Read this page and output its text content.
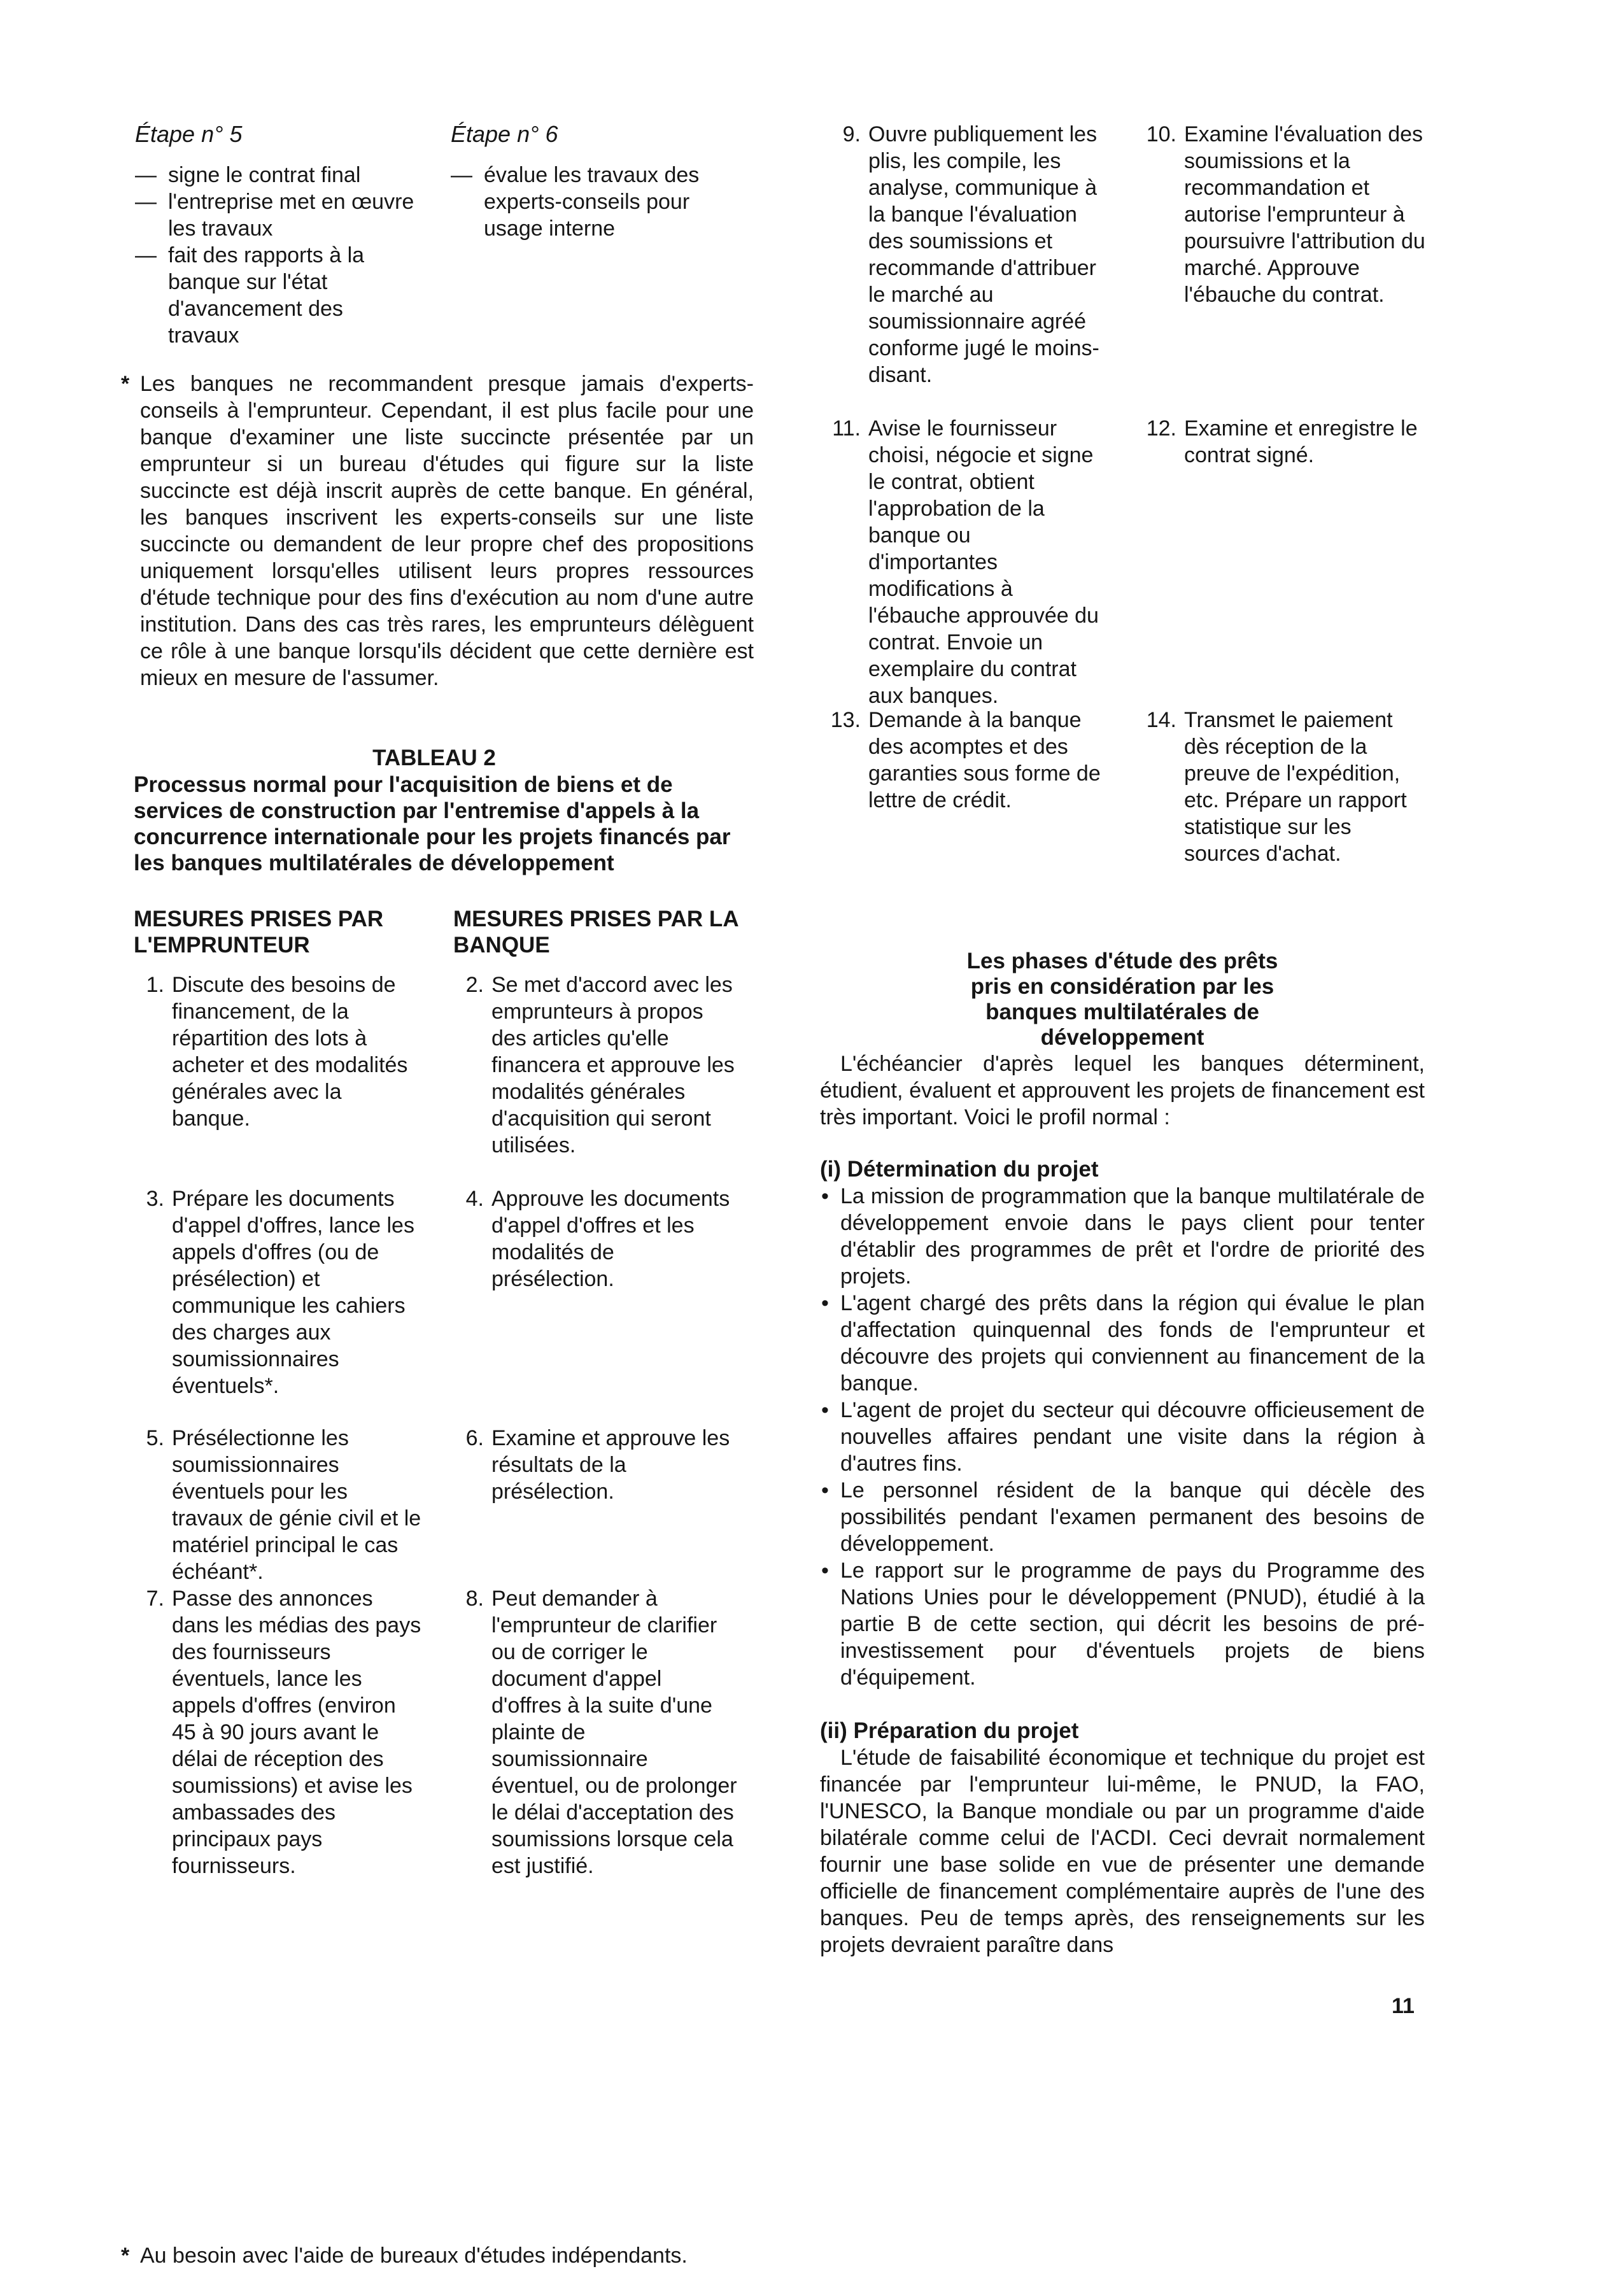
Étape n° 5
— signe le contrat final
— l'entreprise met en œuvre les travaux
— fait des rapports à la banque sur l'état d'avancement des travaux
Étape n° 6
— évalue les travaux des experts-conseils pour usage interne
* Les banques ne recommandent presque jamais d'experts-conseils à l'emprunteur. Cependant, il est plus facile pour une banque d'examiner une liste succincte présentée par un emprunteur si un bureau d'études qui figure sur la liste succincte est déjà inscrit auprès de cette banque. En général, les banques inscrivent les experts-conseils sur une liste succincte ou demandent de leur propre chef des propositions uniquement lorsqu'elles utilisent leurs propres ressources d'étude technique pour des fins d'exécution au nom d'une autre institution. Dans des cas très rares, les emprunteurs délèguent ce rôle à une banque lorsqu'ils décident que cette dernière est mieux en mesure de l'assumer.
TABLEAU 2
Processus normal pour l'acquisition de biens et de services de construction par l'entremise d'appels à la concurrence internationale pour les projets financés par les banques multilatérales de développement
MESURES PRISES PAR L'EMPRUNTEUR
MESURES PRISES PAR LA BANQUE
1. Discute des besoins de financement, de la répartition des lots à acheter et des modalités générales avec la banque.
2. Se met d'accord avec les emprunteurs à propos des articles qu'elle financera et approuve les modalités générales d'acquisition qui seront utilisées.
3. Prépare les documents d'appel d'offres, lance les appels d'offres (ou de présélection) et communique les cahiers des charges aux soumissionnaires éventuels*.
4. Approuve les documents d'appel d'offres et les modalités de présélection.
5. Présélectionne les soumissionnaires éventuels pour les travaux de génie civil et le matériel principal le cas échéant*.
6. Examine et approuve les résultats de la présélection.
7. Passe des annonces dans les médias des pays des fournisseurs éventuels, lance les appels d'offres (environ 45 à 90 jours avant le délai de réception des soumissions) et avise les ambassades des principaux pays fournisseurs.
8. Peut demander à l'emprunteur de clarifier ou de corriger le document d'appel d'offres à la suite d'une plainte de soumissionnaire éventuel, ou de prolonger le délai d'acceptation des soumissions lorsque cela est justifié.
* Au besoin avec l'aide de bureaux d'études indépendants.
9. Ouvre publiquement les plis, les compile, les analyse, communique à la banque l'évaluation des soumissions et recommande d'attribuer le marché au soumissionnaire agréé conforme jugé le moins-disant.
10. Examine l'évaluation des soumissions et la recommandation et autorise l'emprunteur à poursuivre l'attribution du marché. Approuve l'ébauche du contrat.
11. Avise le fournisseur choisi, négocie et signe le contrat, obtient l'approbation de la banque ou d'importantes modifications à l'ébauche approuvée du contrat. Envoie un exemplaire du contrat aux banques.
12. Examine et enregistre le contrat signé.
13. Demande à la banque des acomptes et des garanties sous forme de lettre de crédit.
14. Transmet le paiement dès réception de la preuve de l'expédition, etc. Prépare un rapport statistique sur les sources d'achat.
Les phases d'étude des prêts pris en considération par les banques multilatérales de développement
L'échéancier d'après lequel les banques déterminent, étudient, évaluent et approuvent les projets de financement est très important. Voici le profil normal :
(i) Détermination du projet
• La mission de programmation que la banque multilatérale de développement envoie dans le pays client pour tenter d'établir des programmes de prêt et l'ordre de priorité des projets.
• L'agent chargé des prêts dans la région qui évalue le plan d'affectation quinquennal des fonds de l'emprunteur et découvre des projets qui conviennent au financement de la banque.
• L'agent de projet du secteur qui découvre officieusement de nouvelles affaires pendant une visite dans la région à d'autres fins.
• Le personnel résident de la banque qui décèle des possibilités pendant l'examen permanent des besoins de développement.
• Le rapport sur le programme de pays du Programme des Nations Unies pour le développement (PNUD), étudié à la partie B de cette section, qui décrit les besoins de pré-investissement pour d'éventuels projets de biens d'équipement.
(ii) Préparation du projet
L'étude de faisabilité économique et technique du projet est financée par l'emprunteur lui-même, le PNUD, la FAO, l'UNESCO, la Banque mondiale ou par un programme d'aide bilatérale comme celui de l'ACDI. Ceci devrait normalement fournir une base solide en vue de présenter une demande officielle de financement complémentaire auprès de l'une des banques. Peu de temps après, des renseignements sur les projets devraient paraître dans
11
